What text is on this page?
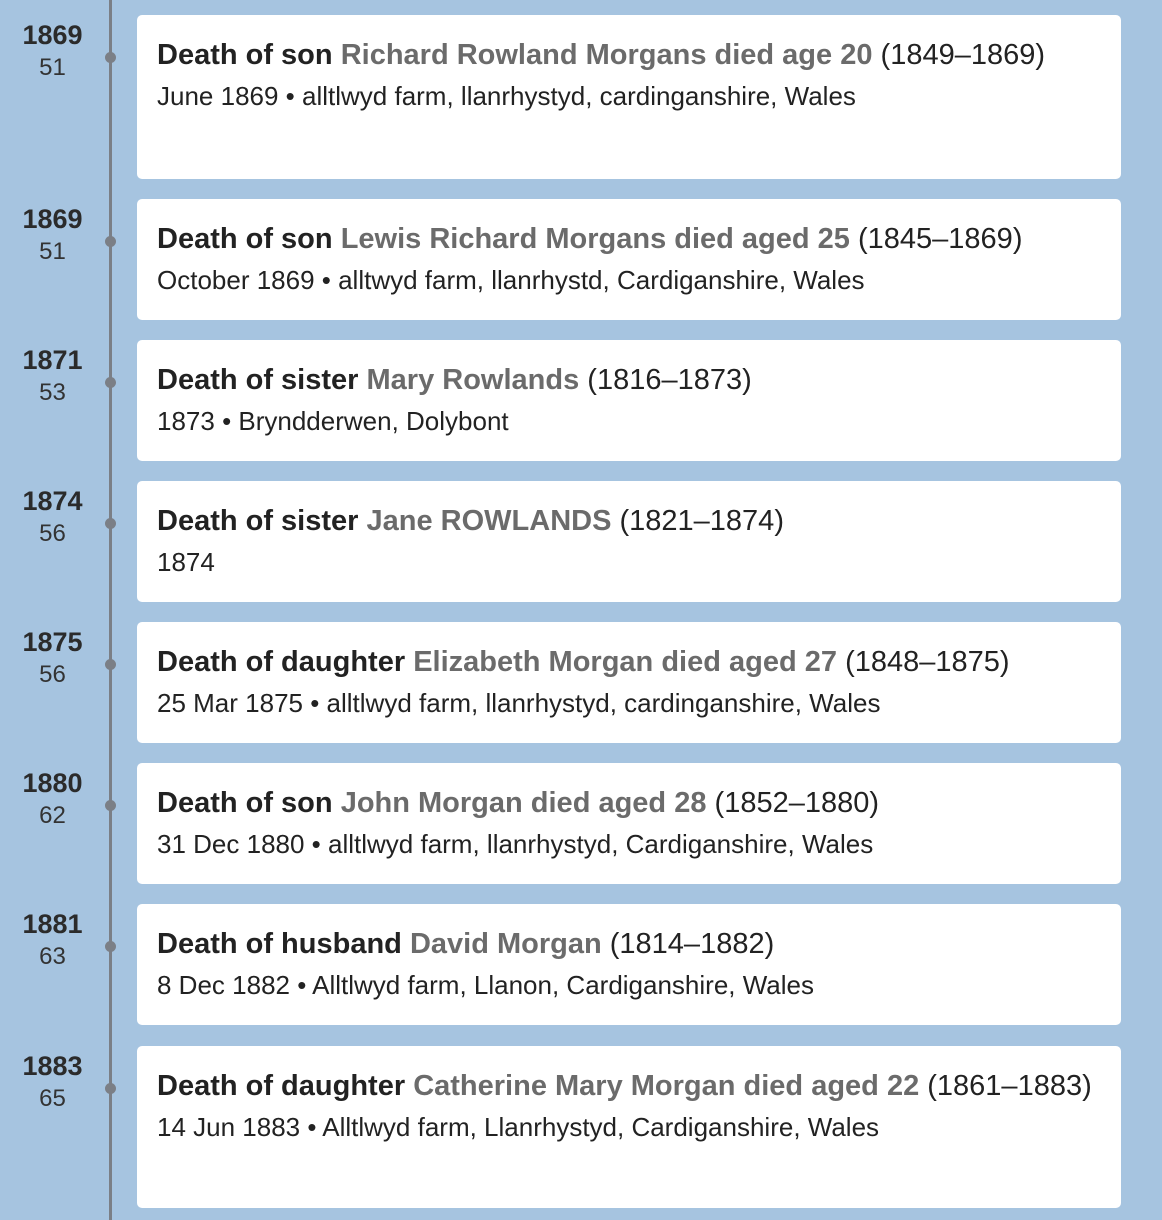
1869
51	Death of son Richard Rowland Morgans died age 20 (1849–1869)
June 1869 • alltlwyd farm, llanrhystyd, cardinganshire, Wales
1869
51	Death of son Lewis Richard Morgans died aged 25 (1845–1869)
October 1869 • alltwyd farm, llanrhystd, Cardiganshire, Wales
1871
53	Death of sister Mary Rowlands (1816–1873)
1873 • Bryndderwen, Dolybont
1874
56	Death of sister Jane ROWLANDS (1821–1874)
1874
1875
56	Death of daughter Elizabeth Morgan died aged 27 (1848–1875)
25 Mar 1875 • alltlwyd farm, llanrhystyd, cardinganshire, Wales
1880
62	Death of son John Morgan died aged 28 (1852–1880)
31 Dec 1880 • alltlwyd farm, llanrhystyd, Cardiganshire, Wales
1881
63	Death of husband David Morgan (1814–1882)
8 Dec 1882 • Alltlwyd farm, Llanon, Cardiganshire, Wales
1883
65	Death of daughter Catherine Mary Morgan died aged 22 (1861–1883)
14 Jun 1883 • Alltlwyd farm, Llanrhystyd, Cardiganshire, Wales
